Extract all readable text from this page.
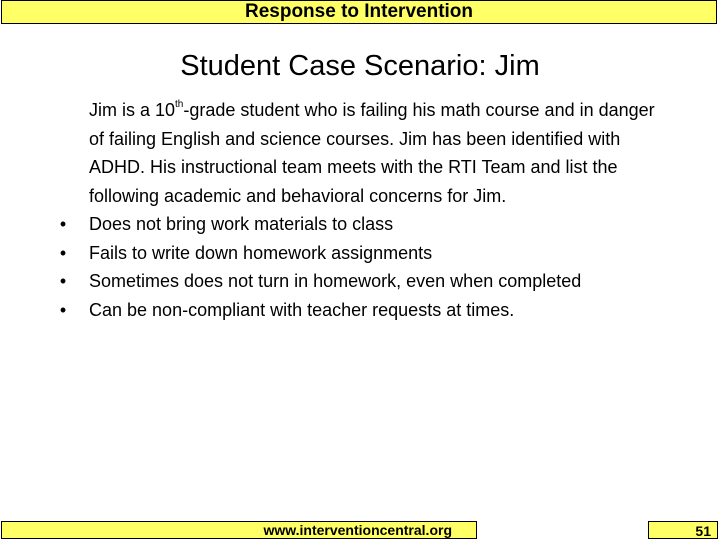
Response to Intervention
Student Case Scenario: Jim
Jim is a 10th-grade student who is failing his math course and in danger of failing English and science courses. Jim has been identified with ADHD. His instructional team meets with the RTI Team and list the following academic and behavioral concerns for Jim.
• Does not bring work materials to class
• Fails to write down homework assignments
• Sometimes does not turn in homework, even when completed
• Can be non-compliant with teacher requests at times.
www.interventioncentral.org	51
